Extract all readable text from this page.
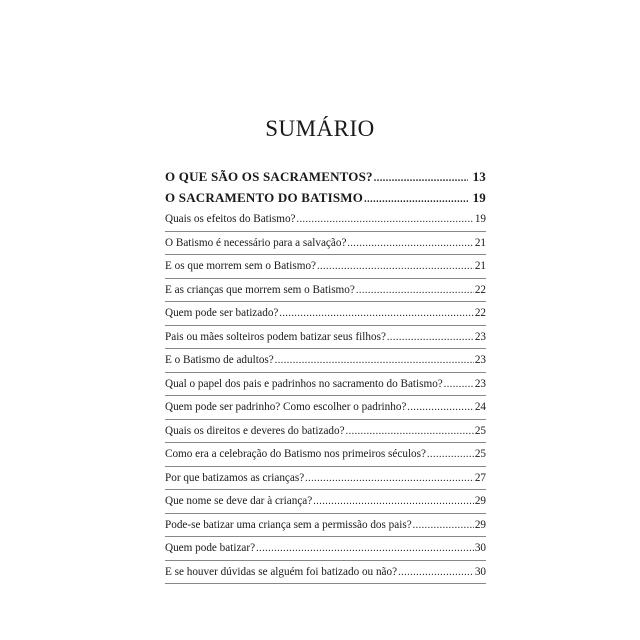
SUMÁRIO
O QUE SÃO OS SACRAMENTOS? .....	13
O SACRAMENTO DO BATISMO .....	19
Quais os efeitos do Batismo? .....	19
O Batismo é necessário para a salvação? .....	21
E os que morrem sem o Batismo? .....	21
E as crianças que morrem sem o Batismo? .....	22
Quem pode ser batizado? .....	22
Pais ou mães solteiros podem batizar seus filhos? .....	23
E o Batismo de adultos? .....	23
Qual o papel dos pais e padrinhos no sacramento do Batismo? .....	23
Quem pode ser padrinho? Como escolher o padrinho? .....	24
Quais os direitos e deveres do batizado? .....	25
Como era a celebração do Batismo nos primeiros séculos? .....	25
Por que batizamos as crianças? .....	27
Que nome se deve dar à criança? .....	29
Pode-se batizar uma criança sem a permissão dos pais? .....	29
Quem pode batizar? .....	30
E se houver dúvidas se alguém foi batizado ou não? .....	30
